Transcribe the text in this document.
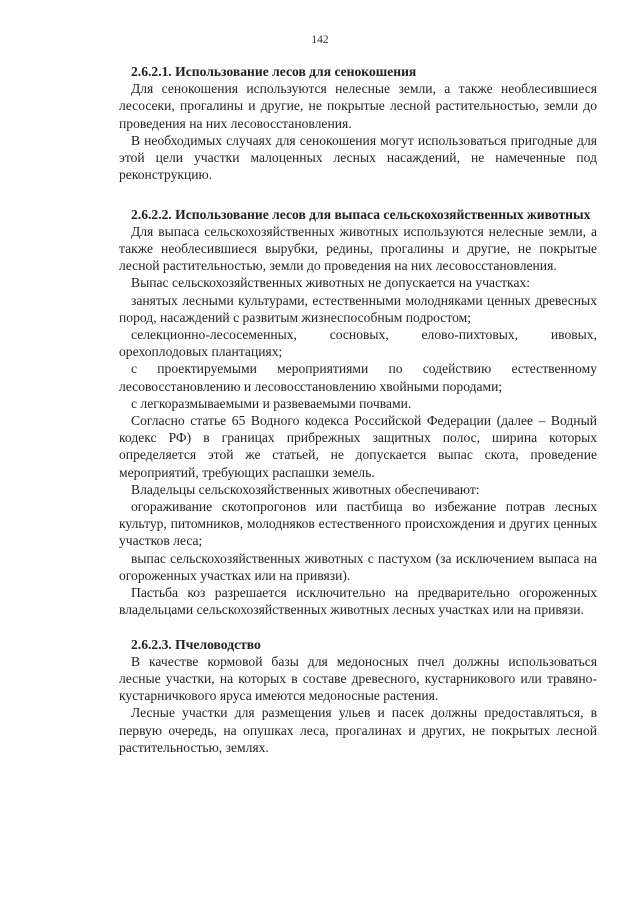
142
2.6.2.1. Использование лесов для сенокошения

Для сенокошения используются нелесные земли, а также необлесившиеся лесосеки, прогалины и другие, не покрытые лесной растительностью, земли до проведения на них лесовосстановления.

В необходимых случаях для сенокошения могут использоваться пригодные для этой цели участки малоценных лесных насаждений, не намеченные под реконструкцию.

2.6.2.2. Использование лесов для выпаса сельскохозяйственных животных

Для выпаса сельскохозяйственных животных используются нелесные земли, а также необлесившиеся вырубки, редины, прогалины и другие, не покрытые лесной растительностью, земли до проведения на них лесовосстановления.

Выпас сельскохозяйственных животных не допускается на участках:

занятых лесными культурами, естественными молодняками ценных древесных пород, насаждений с развитым жизнеспособным подростом;

селекционно-лесосеменных, сосновых, елово-пихтовых, ивовых, орехоплодовых плантациях;

с проектируемыми мероприятиями по содействию естественному лесовосстановлению и лесовосстановлению хвойными породами;

с легкоразмываемыми и развеваемыми почвами.

Согласно статье 65 Водного кодекса Российской Федерации (далее – Водный кодекс РФ) в границах прибрежных защитных полос, ширина которых определяется этой же статьей, не допускается выпас скота, проведение мероприятий, требующих распашки земель.

Владельцы сельскохозяйственных животных обеспечивают:

огораживание скотопрогонов или пастбища во избежание потрав лесных культур, питомников, молодняков естественного происхождения и других ценных участков леса;

выпас сельскохозяйственных животных с пастухом (за исключением выпаса на огороженных участках или на привязи).

Пастьба коз разрешается исключительно на предварительно огороженных владельцами сельскохозяйственных животных лесных участках или на привязи.

2.6.2.3. Пчеловодство

В качестве кормовой базы для медоносных пчел должны использоваться лесные участки, на которых в составе древесного, кустарникового или травяно-кустарничкового яруса имеются медоносные растения.

Лесные участки для размещения ульев и пасек должны предоставляться, в первую очередь, на опушках леса, прогалинах и других, не покрытых лесной растительностью, землях.
